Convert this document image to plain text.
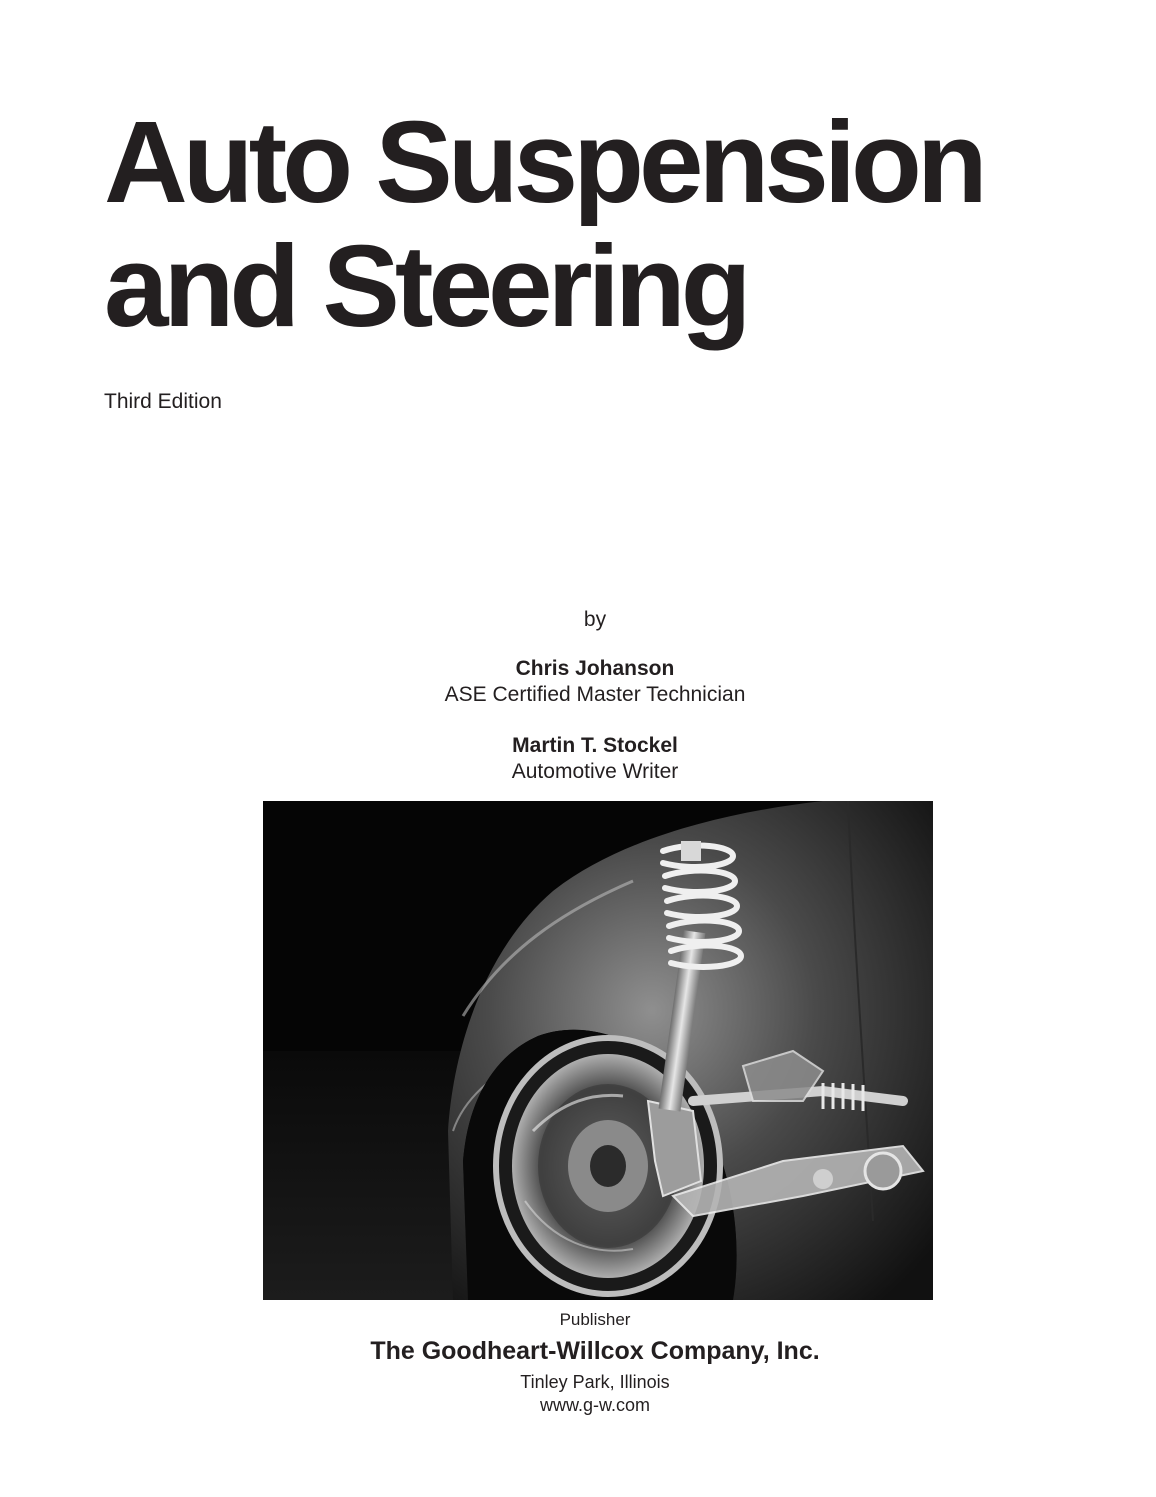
Auto Suspension
and Steering
Third Edition
by
Chris Johanson
ASE Certified Master Technician
Martin T. Stockel
Automotive Writer
Publisher
The Goodheart-Willcox Company, Inc.
Tinley Park, Illinois
www.g-w.com
